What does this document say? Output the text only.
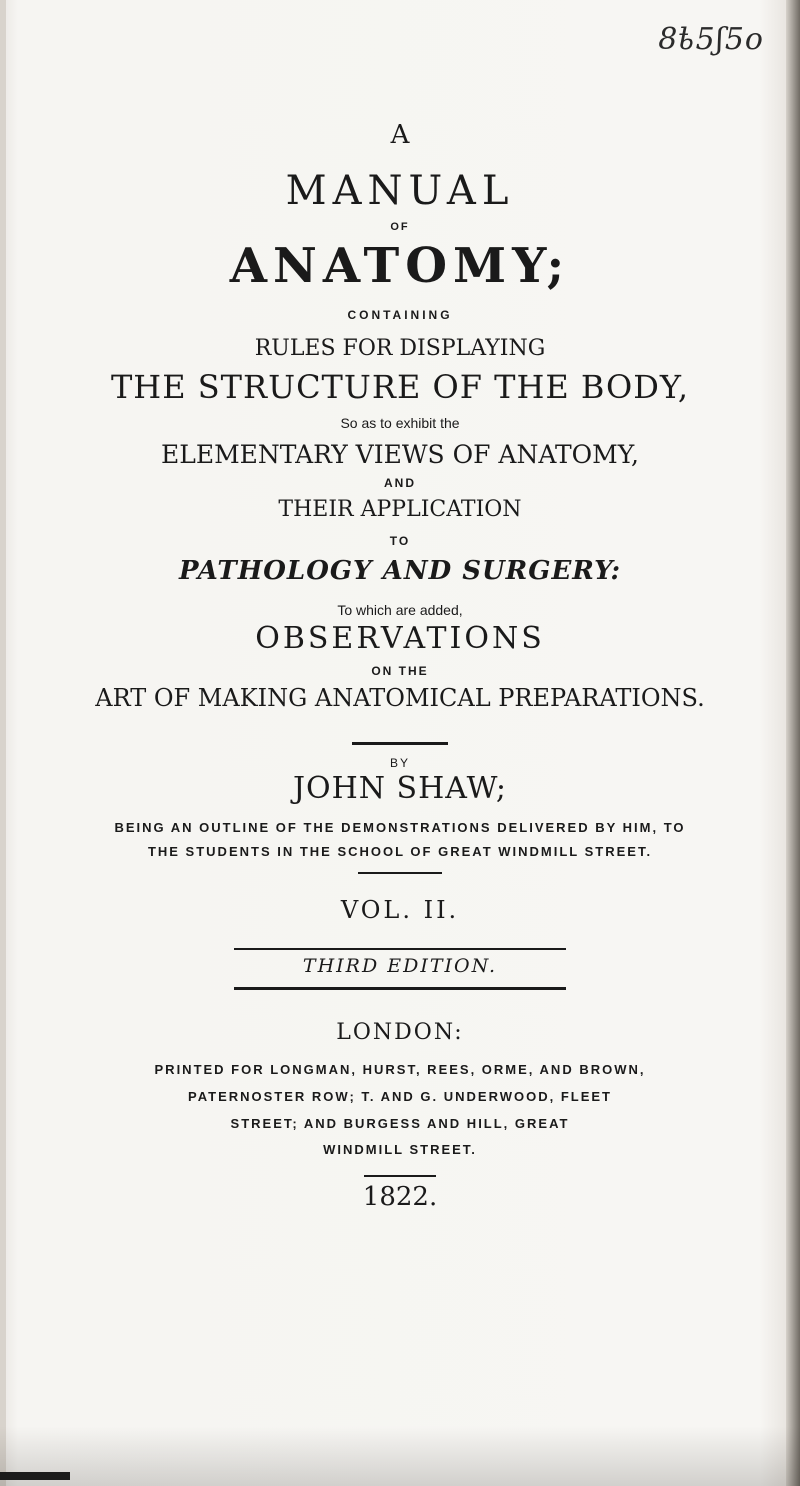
8ҍ5ʃ5o
A
MANUAL
OF
ANATOMY;
CONTAINING
RULES FOR DISPLAYING
THE STRUCTURE OF THE BODY,
So as to exhibit the
ELEMENTARY VIEWS OF ANATOMY,
AND
THEIR APPLICATION
TO
PATHOLOGY AND SURGERY:
To which are added,
OBSERVATIONS
ON THE
ART OF MAKING ANATOMICAL PREPARATIONS.
BY
JOHN SHAW;
BEING AN OUTLINE OF THE DEMONSTRATIONS DELIVERED BY HIM, TO
THE STUDENTS IN THE SCHOOL OF GREAT WINDMILL STREET.
VOL. II.
THIRD EDITION.
LONDON:
PRINTED FOR LONGMAN, HURST, REES, ORME, AND BROWN,
PATERNOSTER ROW; T. AND G. UNDERWOOD, FLEET
STREET; AND BURGESS AND HILL, GREAT
WINDMILL STREET.
1822.
